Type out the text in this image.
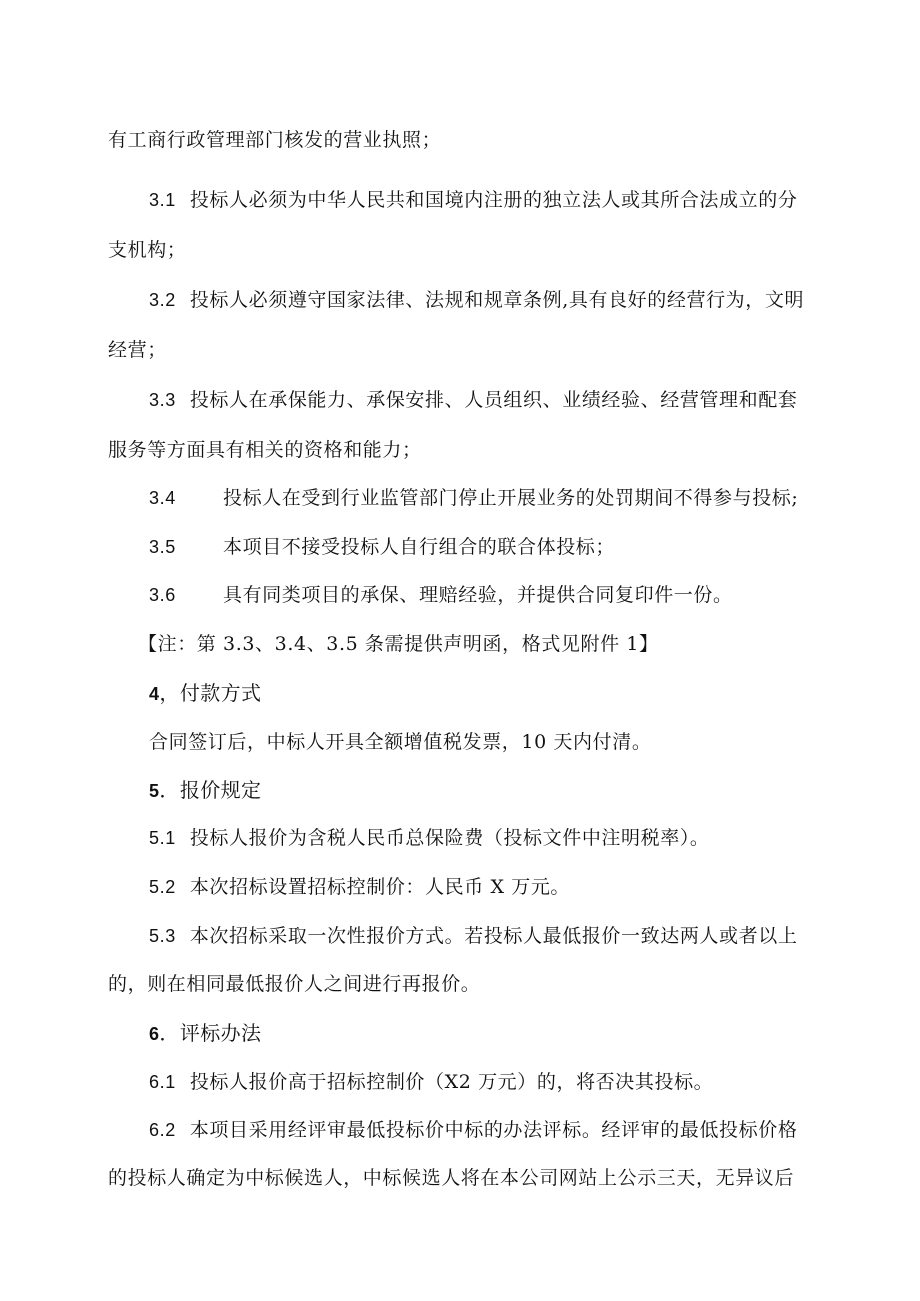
有工商行政管理部门核发的营业执照；
3.1 投标人必须为中华人民共和国境内注册的独立法人或其所合法成立的分
支机构；
3.2 投标人必须遵守国家法律、法规和规章条例,具有良好的经营行为，文明
经营；
3.3 投标人在承保能力、承保安排、人员组织、业绩经验、经营管理和配套
服务等方面具有相关的资格和能力；
3.4 投标人在受到行业监管部门停止开展业务的处罚期间不得参与投标;
3.5 本项目不接受投标人自行组合的联合体投标；
3.6 具有同类项目的承保、理赔经验，并提供合同复印件一份。
【注：第 3.3、3.4、3.5 条需提供声明函，格式见附件 1】
4，付款方式
合同签订后，中标人开具全额增值税发票，10 天内付清。
5．报价规定
5.1 投标人报价为含税人民币总保险费（投标文件中注明税率）。
5.2 本次招标设置招标控制价：人民币 X 万元。
5.3 本次招标采取一次性报价方式。若投标人最低报价一致达两人或者以上
的，则在相同最低报价人之间进行再报价。
6．评标办法
6.1 投标人报价高于招标控制价（X2 万元）的，将否决其投标。
6.2 本项目采用经评审最低投标价中标的办法评标。经评审的最低投标价格
的投标人确定为中标候选人，中标候选人将在本公司网站上公示三天，无异议后
